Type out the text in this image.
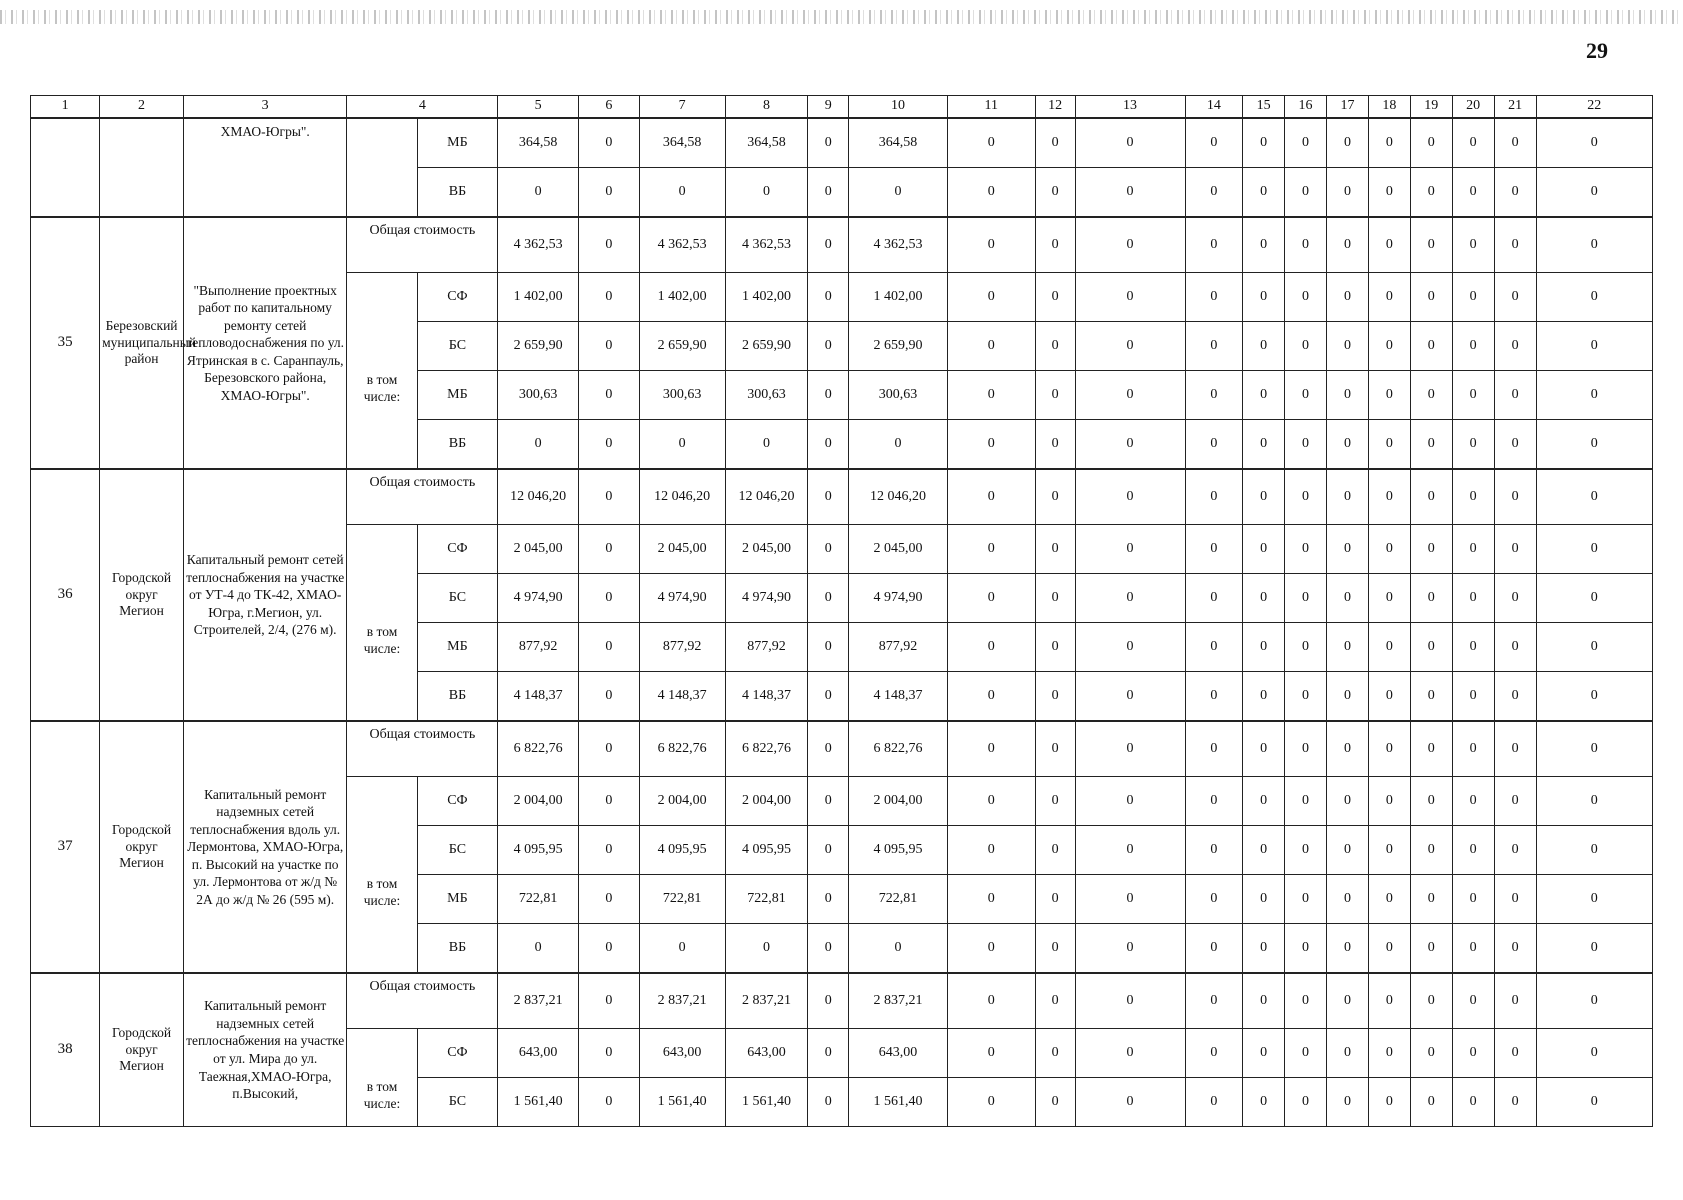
29
1	2	3	4		5	6	7	8	9	10	11	12	13	14	15	16	17	18	19	20	21	22
		ХМАО-Югры".		МБ	364,58	0	364,58	364,58	0	364,58	0	0	0	0	0	0	0	0	0	0	0	0
				ВБ	0	0	0	0	0	0	0	0	0	0	0	0	0	0	0	0	0	0
35	Березовский муниципальный район	"Выполнение проектных работ по капитальному ремонту сетей тепловодоснабжения по ул. Ятринская в с. Саранпауль, Березовского района, ХМАО-Югры".	Общая стоимость		4 362,53	0	4 362,53	4 362,53	0	4 362,53	0	0	0	0	0	0	0	0	0	0	0	0
			в том числе:	СФ	1 402,00	0	1 402,00	1 402,00	0	1 402,00	0	0	0	0	0	0	0	0	0	0	0	0
				БС	2 659,90	0	2 659,90	2 659,90	0	2 659,90	0	0	0	0	0	0	0	0	0	0	0	0
				МБ	300,63	0	300,63	300,63	0	300,63	0	0	0	0	0	0	0	0	0	0	0	0
				ВБ	0	0	0	0	0	0	0	0	0	0	0	0	0	0	0	0	0	0
36	Городской округ Мегион	Капитальный ремонт сетей теплоснабжения на участке от УТ-4 до ТК-42, ХМАО-Югра, г.Мегион, ул. Строителей, 2/4, (276 м).	Общая стоимость		12 046,20	0	12 046,20	12 046,20	0	12 046,20	0	0	0	0	0	0	0	0	0	0	0	0
			в том числе:	СФ	2 045,00	0	2 045,00	2 045,00	0	2 045,00	0	0	0	0	0	0	0	0	0	0	0	0
				БС	4 974,90	0	4 974,90	4 974,90	0	4 974,90	0	0	0	0	0	0	0	0	0	0	0	0
				МБ	877,92	0	877,92	877,92	0	877,92	0	0	0	0	0	0	0	0	0	0	0	0
				ВБ	4 148,37	0	4 148,37	4 148,37	0	4 148,37	0	0	0	0	0	0	0	0	0	0	0	0
37	Городской округ Мегион	Капитальный ремонт надземных сетей теплоснабжения вдоль ул. Лермонтова, ХМАО-Югра, п. Высокий на участке по ул. Лермонтова от ж/д № 2А до ж/д № 26 (595 м).	Общая стоимость		6 822,76	0	6 822,76	6 822,76	0	6 822,76	0	0	0	0	0	0	0	0	0	0	0	0
			в том числе:	СФ	2 004,00	0	2 004,00	2 004,00	0	2 004,00	0	0	0	0	0	0	0	0	0	0	0	0
				БС	4 095,95	0	4 095,95	4 095,95	0	4 095,95	0	0	0	0	0	0	0	0	0	0	0	0
				МБ	722,81	0	722,81	722,81	0	722,81	0	0	0	0	0	0	0	0	0	0	0	0
				ВБ	0	0	0	0	0	0	0	0	0	0	0	0	0	0	0	0	0	0
38	Городской округ Мегион	Капитальный ремонт надземных сетей теплоснабжения на участке от ул. Мира до ул. Таежная,ХМАО-Югра, п.Высокий,	Общая стоимость		2 837,21	0	2 837,21	2 837,21	0	2 837,21	0	0	0	0	0	0	0	0	0	0	0	0
			в том числе:	СФ	643,00	0	643,00	643,00	0	643,00	0	0	0	0	0	0	0	0	0	0	0	0
				БС	1 561,40	0	1 561,40	1 561,40	0	1 561,40	0	0	0	0	0	0	0	0	0	0	0	0
